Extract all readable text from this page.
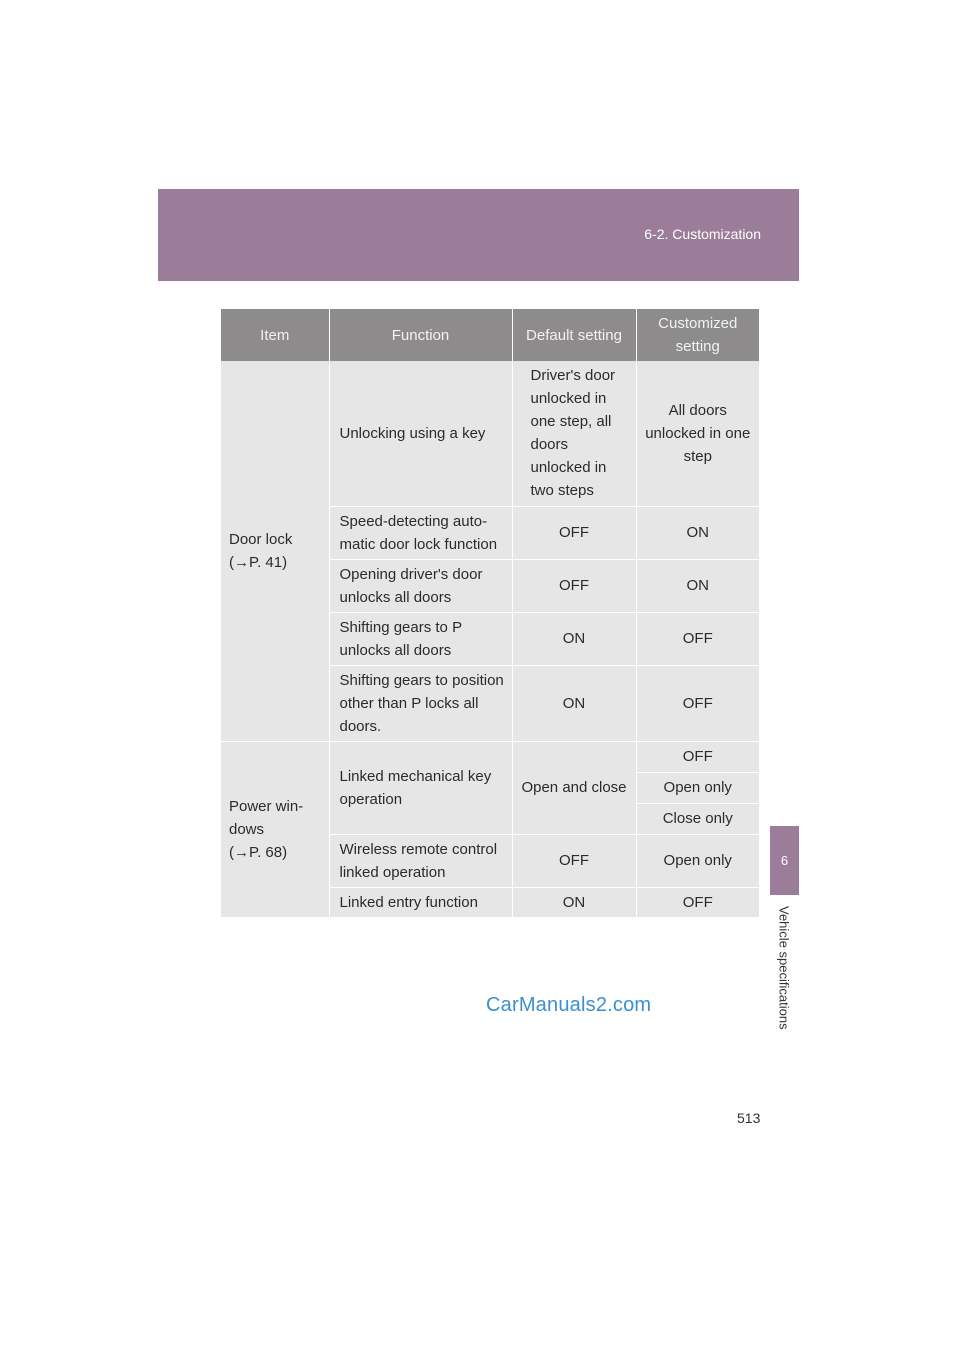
6-2. Customization
6
Vehicle specifications
Item	Function	Default setting	Customized setting

Door lock
(→P. 41)	Unlocking using a key	Driver's door unlocked in one step, all doors unlocked in two steps	All doors unlocked in one step
	Speed-detecting auto-matic door lock function	OFF	ON
	Opening driver's door unlocks all doors	OFF	ON
	Shifting gears to P unlocks all doors	ON	OFF
	Shifting gears to position other than P locks all doors.	ON	OFF

Power win-dows
(→P. 68)	Linked mechanical key operation	Open and close	OFF
			Open only
			Close only
	Wireless remote control linked operation	OFF	Open only
	Linked entry function	ON	OFF
CarManuals2.com
513
